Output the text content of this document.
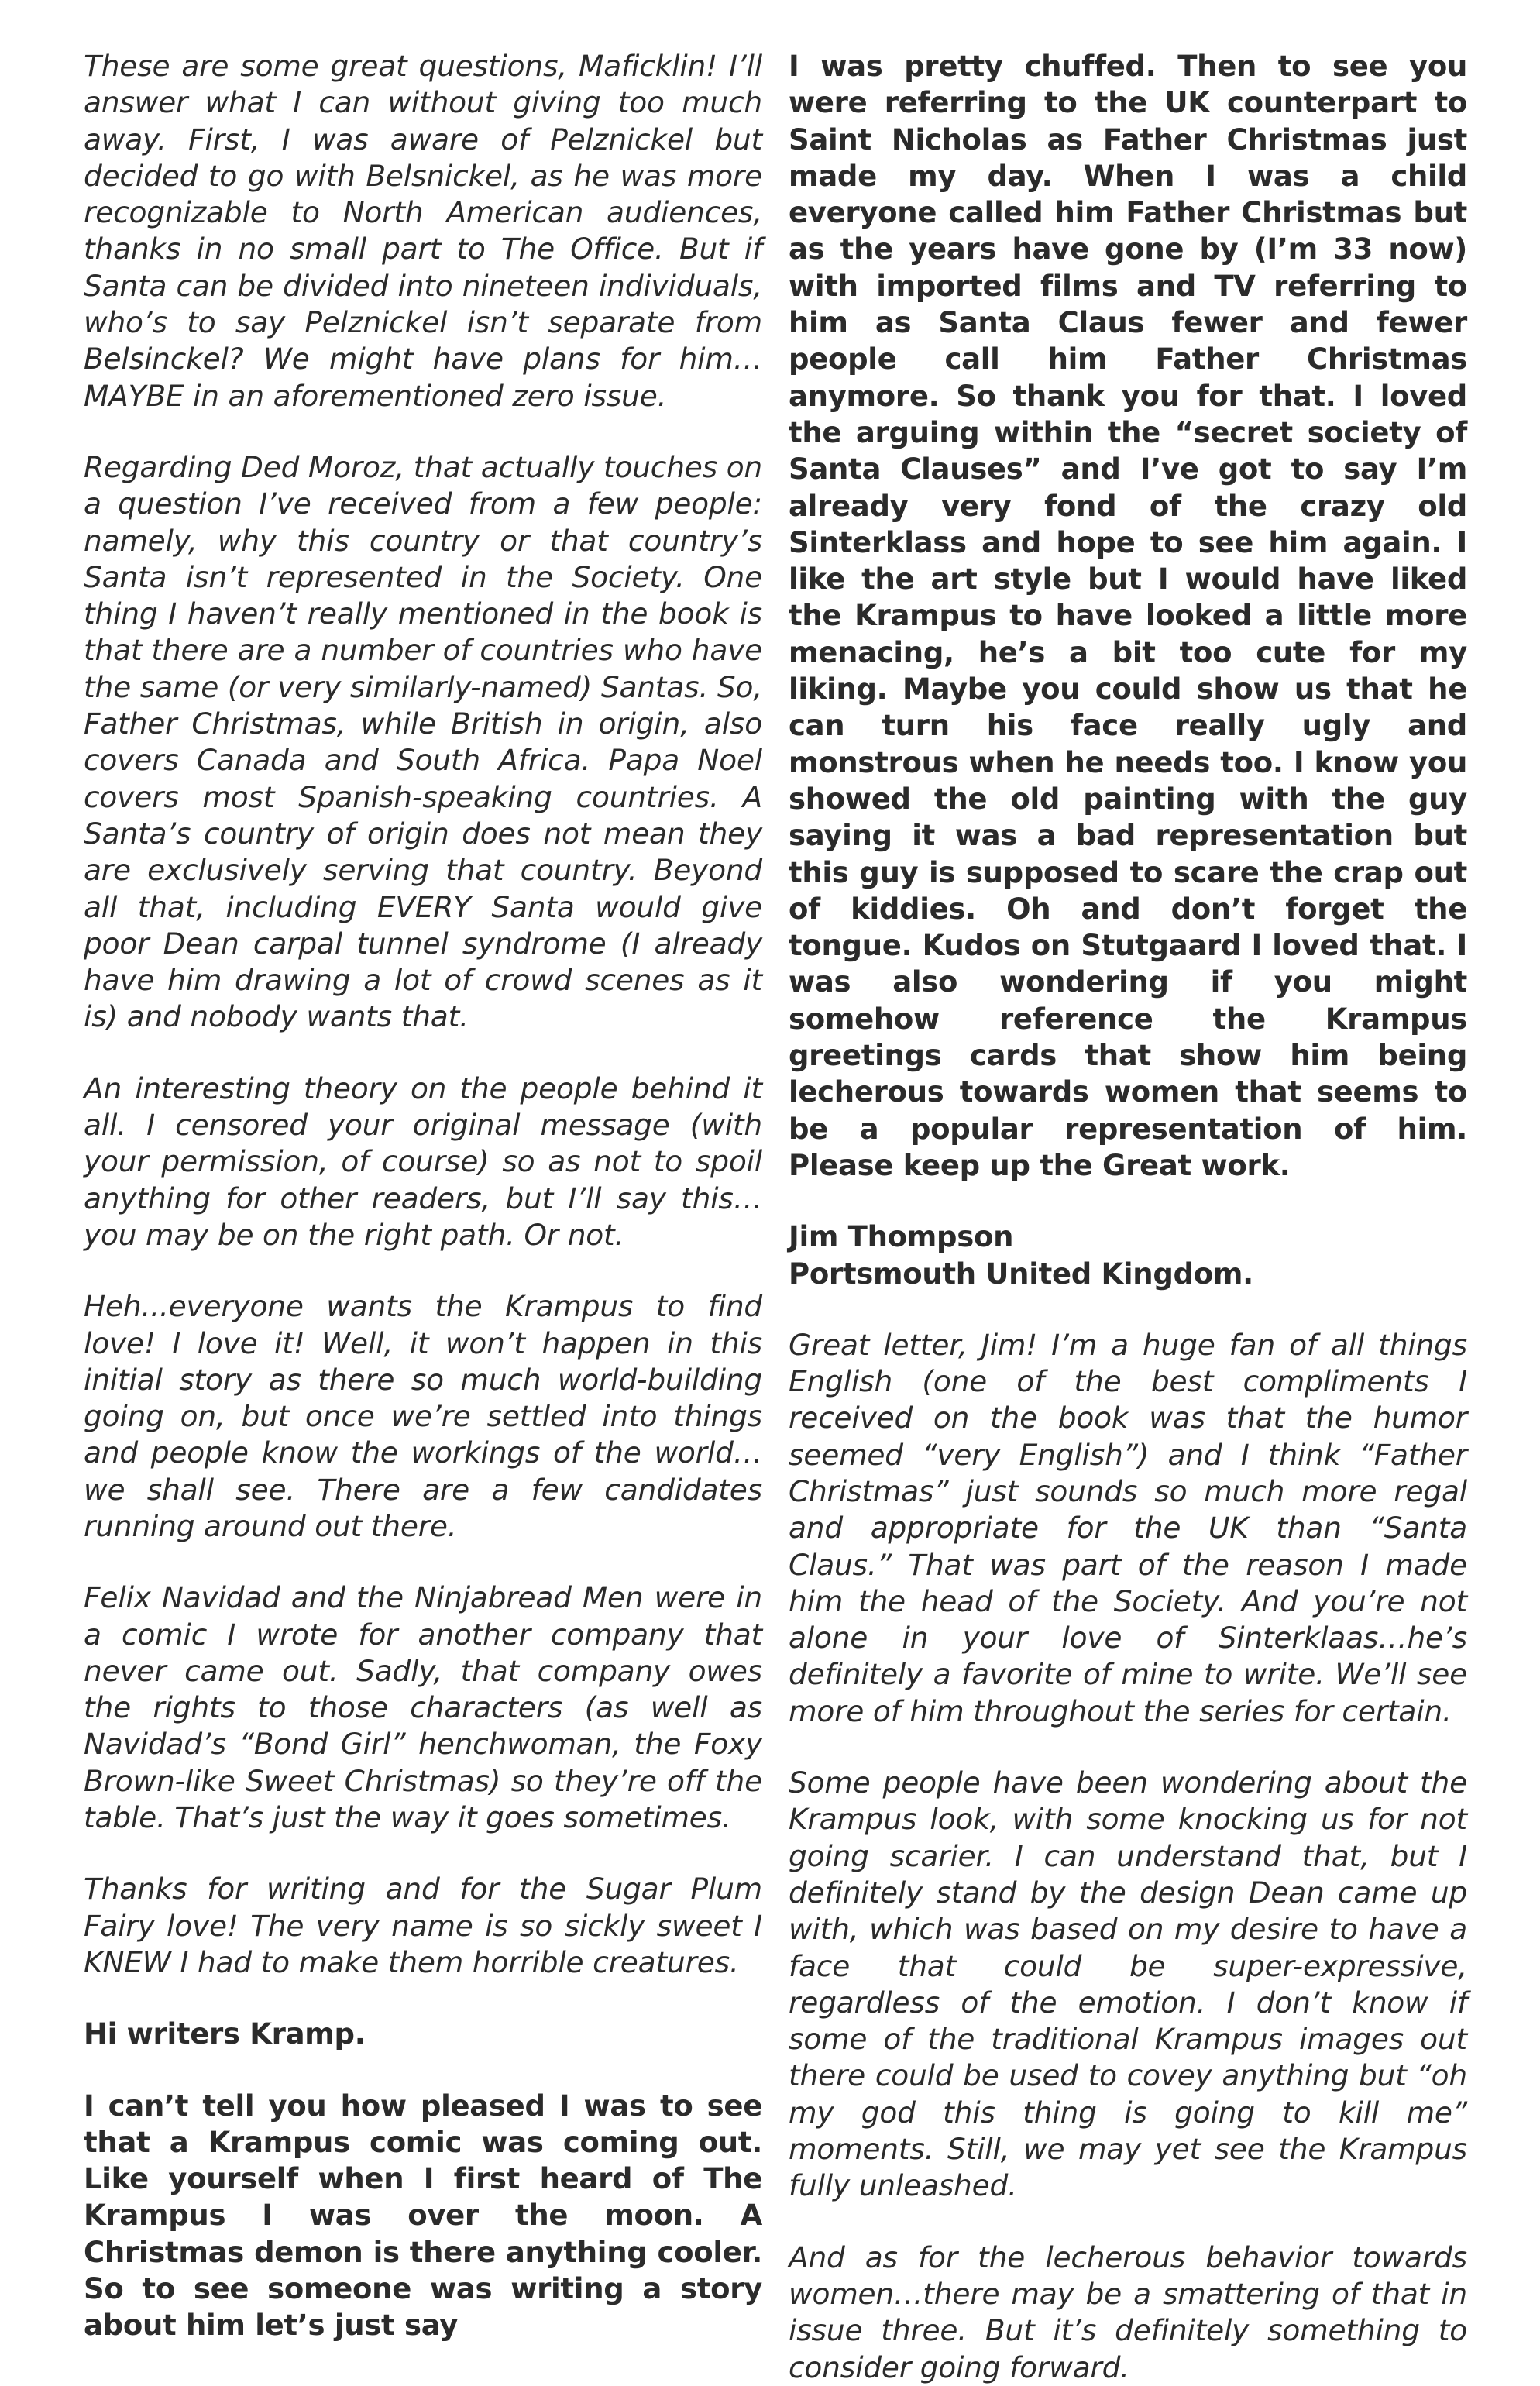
These are some great questions, Maficklin! I’ll answer what I can without giving too much away. First, I was aware of Pelznickel but decided to go with Belsnickel, as he was more recognizable to North American audiences, thanks in no small part to The Office. But if Santa can be divided into nineteen individuals, who’s to say Pelznickel isn’t separate from Belsinckel? We might have plans for him… MAYBE in an aforementioned zero issue.

Regarding Ded Moroz, that actually touches on a question I’ve received from a few people: namely, why this country or that country’s Santa isn’t represented in the Society. One thing I haven’t really mentioned in the book is that there are a number of countries who have the same (or very similarly-named) Santas. So, Father Christmas, while British in origin, also covers Canada and South Africa. Papa Noel covers most Spanish-speaking countries. A Santa’s country of origin does not mean they are exclusively serving that country. Beyond all that, including EVERY Santa would give poor Dean carpal tunnel syndrome (I already have him drawing a lot of crowd scenes as it is) and nobody wants that.

An interesting theory on the people behind it all. I censored your original message (with your permission, of course) so as not to spoil anything for other readers, but I’ll say this… you may be on the right path. Or not.

Heh...everyone wants the Krampus to find love! I love it! Well, it won’t happen in this initial story as there so much world-building going on, but once we’re settled into things and people know the workings of the world…we shall see. There are a few candidates running around out there.

Felix Navidad and the Ninjabread Men were in a comic I wrote for another company that never came out. Sadly, that company owes the rights to those characters (as well as Navidad’s “Bond Girl” henchwoman, the Foxy Brown-like Sweet Christmas) so they’re off the table. That’s just the way it goes sometimes.

Thanks for writing and for the Sugar Plum Fairy love! The very name is so sickly sweet I KNEW I had to make them horrible creatures.

Hi writers Kramp.

I can’t tell you how pleased I was to see that a Krampus comic was coming out. Like yourself when I first heard of The Krampus I was over the moon. A Christmas demon is there anything cooler. So to see someone was writing a story about him let’s just say

I was pretty chuffed. Then to see you were referring to the UK counterpart to Saint Nicholas as Father Christmas just made my day. When I was a child everyone called him Father Christmas but as the years have gone by (I’m 33 now) with imported films and TV referring to him as Santa Claus fewer and fewer people call him Father Christmas anymore. So thank you for that. I loved the arguing within the “secret society of Santa Clauses” and I’ve got to say I’m already very fond of the crazy old Sinterklass and hope to see him again. I like the art style but I would have liked the Krampus to have looked a little more menacing, he’s a bit too cute for my liking. Maybe you could show us that he can turn his face really ugly and monstrous when he needs too. I know you showed the old painting with the guy saying it was a bad representation but this guy is supposed to scare the crap out of kiddies. Oh and don’t forget the tongue. Kudos on Stutgaard I loved that. I was also wondering if you might somehow reference the Krampus greetings cards that show him being lecherous towards women that seems to be a popular representation of him. Please keep up the Great work.

Jim Thompson

Portsmouth United Kingdom.

Great letter, Jim! I’m a huge fan of all things English (one of the best compliments I received on the book was that the humor seemed “very English”) and I think “Father Christmas” just sounds so much more regal and appropriate for the UK than “Santa Claus.” That was part of the reason I made him the head of the Society. And you’re not alone in your love of Sinterklaas…he’s definitely a favorite of mine to write. We’ll see more of him throughout the series for certain.

Some people have been wondering about the Krampus look, with some knocking us for not going scarier. I can understand that, but I definitely stand by the design Dean came up with, which was based on my desire to have a face that could be super-expressive, regardless of the emotion. I don’t know if some of the traditional Krampus images out there could be used to covey anything but “oh my god this thing is going to kill me” moments. Still, we may yet see the Krampus fully unleashed.

And as for the lecherous behavior towards women…there may be a smattering of that in issue three. But it’s definitely something to consider going forward.
